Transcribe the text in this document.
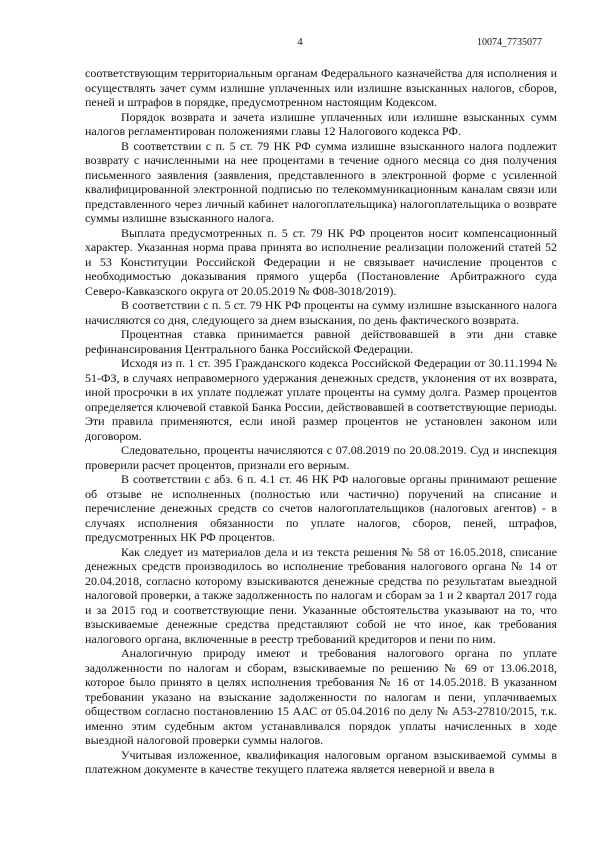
4	10074_7735077

соответствующим территориальным органам Федерального казначейства для исполнения и осуществлять зачет сумм излишне уплаченных или излишне взысканных налогов, сборов, пеней и штрафов в порядке, предусмотренном настоящим Кодексом.

Порядок возврата и зачета излишне уплаченных или излишне взысканных сумм налогов регламентирован положениями главы 12 Налогового кодекса РФ.

В соответствии с п. 5 ст. 79 НК РФ сумма излишне взысканного налога подлежит возврату с начисленными на нее процентами в течение одного месяца со дня получения письменного заявления (заявления, представленного в электронной форме с усиленной квалифицированной электронной подписью по телекоммуникационным каналам связи или представленного через личный кабинет налогоплательщика) налогоплательщика о возврате суммы излишне взысканного налога.

Выплата предусмотренных п. 5 ст. 79 НК РФ процентов носит компенсационный характер. Указанная норма права принята во исполнение реализации положений статей 52 и 53 Конституции Российской Федерации и не связывает начисление процентов с необходимостью доказывания прямого ущерба (Постановление Арбитражного суда Северо-Кавказского округа от 20.05.2019 № Ф08-3018/2019).

В соответствии с п. 5 ст. 79 НК РФ проценты на сумму излишне взысканного налога начисляются со дня, следующего за днем взыскания, по день фактического возврата.

Процентная ставка принимается равной действовавшей в эти дни ставке рефинансирования Центрального банка Российской Федерации.

Исходя из п. 1 ст. 395 Гражданского кодекса Российской Федерации от 30.11.1994 № 51-ФЗ, в случаях неправомерного удержания денежных средств, уклонения от их возврата, иной просрочки в их уплате подлежат уплате проценты на сумму долга. Размер процентов определяется ключевой ставкой Банка России, действовавшей в соответствующие периоды. Эти правила применяются, если иной размер процентов не установлен законом или договором.

Следовательно, проценты начисляются с 07.08.2019 по 20.08.2019. Суд и инспекция проверили расчет процентов, признали его верным.

В соответствии с абз. 6 п. 4.1 ст. 46 НК РФ налоговые органы принимают решение об отзыве не исполненных (полностью или частично) поручений на списание и перечисление денежных средств со счетов налогоплательщиков (налоговых агентов) - в случаях исполнения обязанности по уплате налогов, сборов, пеней, штрафов, предусмотренных НК РФ процентов.

Как следует из материалов дела и из текста решения № 58 от 16.05.2018, списание денежных средств производилось во исполнение требования налогового органа № 14 от 20.04.2018, согласно которому взыскиваются денежные средства по результатам выездной налоговой проверки, а также задолженность по налогам и сборам за 1 и 2 квартал 2017 года и за 2015 год и соответствующие пени. Указанные обстоятельства указывают на то, что взыскиваемые денежные средства представляют собой не что иное, как требования налогового органа, включенные в реестр требований кредиторов и пени по ним.

Аналогичную природу имеют и требования налогового органа по уплате задолженности по налогам и сборам, взыскиваемые по решению № 69 от 13.06.2018, которое было принято в целях исполнения требования № 16 от 14.05.2018. В указанном требовании указано на взыскание задолженности по налогам и пени, уплачиваемых обществом согласно постановлению 15 ААС от 05.04.2016 по делу № А53-27810/2015, т.к. именно этим судебным актом устанавливался порядок уплаты начисленных в ходе выездной налоговой проверки суммы налогов.

Учитывая изложенное, квалификация налоговым органом взыскиваемой суммы в платежном документе в качестве текущего платежа является неверной и ввела в
